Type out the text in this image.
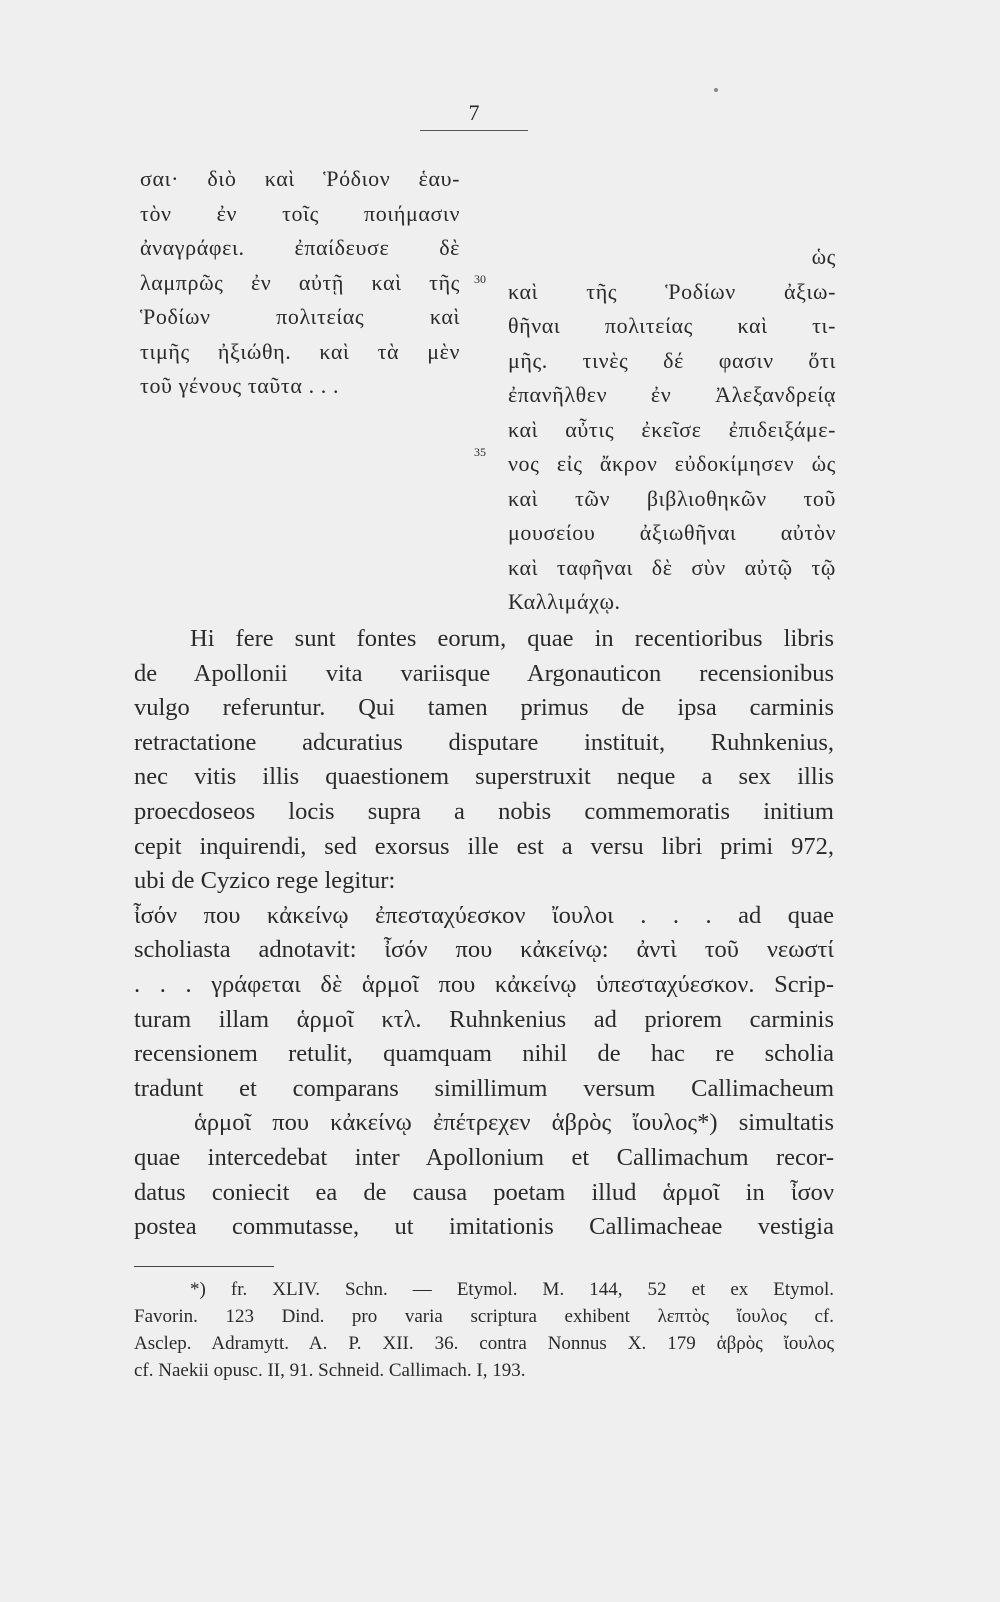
7
σαι· διὸ καὶ Ῥόδιον ἑαυ-
τὸν ἐν τοῖς ποιήμασιν
ἀναγράφει. ἐπαίδευσε δὲ
λαμπρῶς ἐν αὐτῇ καὶ τῆς
Ῥοδίων πολιτείας καὶ
τιμῆς ἠξιώθη. καὶ τὰ μὲν
τοῦ γένους ταῦτα . . .
30
35
ὡς
καὶ τῆς Ῥοδίων ἀξιω-
θῆναι πολιτείας καὶ τι-
μῆς. τινὲς δέ φασιν ὅτι
ἐπανῆλθεν ἐν Ἀλεξανδρείᾳ
καὶ αὖτις ἐκεῖσε ἐπιδειξάμε-
νος εἰς ἄκρον εὐδοκίμησεν ὡς
καὶ τῶν βιβλιοθηκῶν τοῦ
μουσείου ἀξιωθῆναι αὐτὸν
καὶ ταφῆναι δὲ σὺν αὐτῷ τῷ
Καλλιμάχῳ.
Hi fere sunt fontes eorum, quae in recentioribus libris
de Apollonii vita variisque Argonauticon recensionibus
vulgo referuntur. Qui tamen primus de ipsa carminis
retractatione adcuratius disputare instituit, Ruhnkenius,
nec vitis illis quaestionem superstruxit neque a sex illis
proecdoseos locis supra a nobis commemoratis initium
cepit inquirendi, sed exorsus ille est a versu libri primi 972,
ubi de Cyzico rege legitur:
ἶσόν που κἀκείνῳ ἐπεσταχύεσκον ἴουλοι . . . ad quae
scholiasta adnotavit: ἶσόν που κἀκείνῳ: ἀντὶ τοῦ νεωστί
. . . γράφεται δὲ ἁρμοῖ που κἀκείνῳ ὑπεσταχύεσκον. Scrip-
turam illam ἁρμοῖ κτλ. Ruhnkenius ad priorem carminis
recensionem retulit, quamquam nihil de hac re scholia
tradunt et comparans simillimum versum Callimacheum
ἁρμοῖ που κἀκείνῳ ἐπέτρεχεν ἁβρὸς ἴουλος*) simultatis
quae intercedebat inter Apollonium et Callimachum recor-
datus coniecit ea de causa poetam illud ἁρμοῖ in ἶσον
postea commutasse, ut imitationis Callimacheae vestigia
*) fr. XLIV. Schn. — Etymol. M. 144, 52 et ex Etymol.
Favorin. 123 Dind. pro varia scriptura exhibent λεπτὸς ἴουλος cf.
Asclep. Adramytt. A. P. XII. 36. contra Nonnus X. 179 ἁβρὸς ἴουλος
cf. Naekii opusc. II, 91. Schneid. Callimach. I, 193.
